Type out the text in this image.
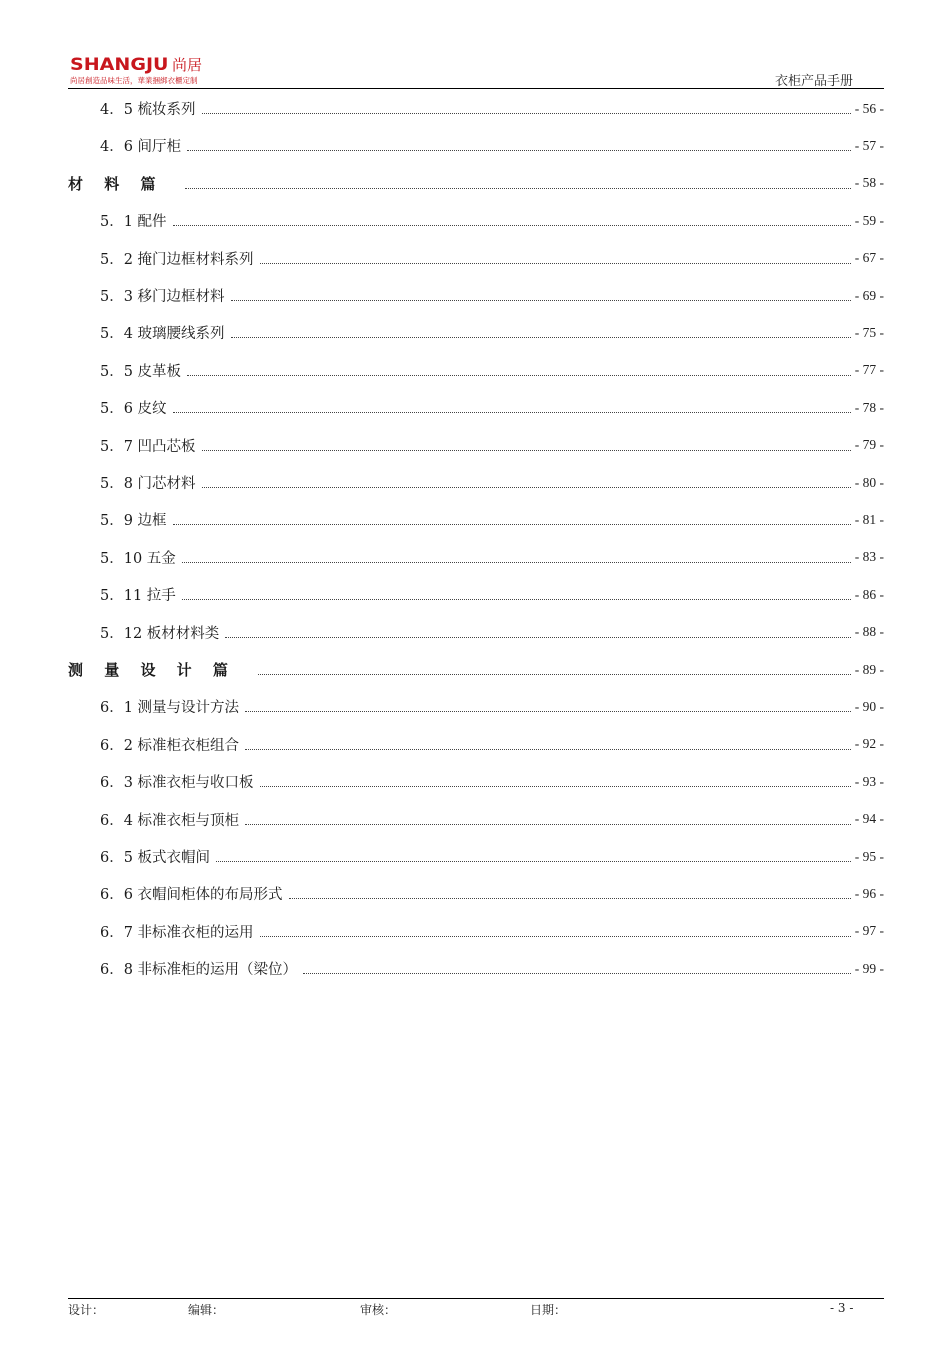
SHANGJU 尚居
尚居創造品味生活，華業捆綁衣櫃定制	衣柜产品手册
4．5 梳妆系列	- 56 -
4．6 间厅柜	- 57 -
材 料 篇	- 58 -
5．1 配件	- 59 -
5．2 掩门边框材料系列	- 67 -
5．3 移门边框材料	- 69 -
5．4 玻璃腰线系列	- 75 -
5．5 皮革板	- 77 -
5．6 皮纹	- 78 -
5．7 凹凸芯板	- 79 -
5．8 门芯材料	- 80 -
5．9 边框	- 81 -
5．10 五金	- 83 -
5．11 拉手	- 86 -
5．12 板材材料类	- 88 -
测 量 设 计 篇	- 89 -
6．1 测量与设计方法	- 90 -
6．2 标准柜衣柜组合	- 92 -
6．3 标准衣柜与收口板	- 93 -
6．4 标准衣柜与顶柜	- 94 -
6．5 板式衣帽间	- 95 -
6．6 衣帽间柜体的布局形式	- 96 -
6．7 非标准衣柜的运用	- 97 -
6．8 非标准柜的运用（梁位）	- 99 -
设计：	编辑：	审核：	日期：	- 3 -
